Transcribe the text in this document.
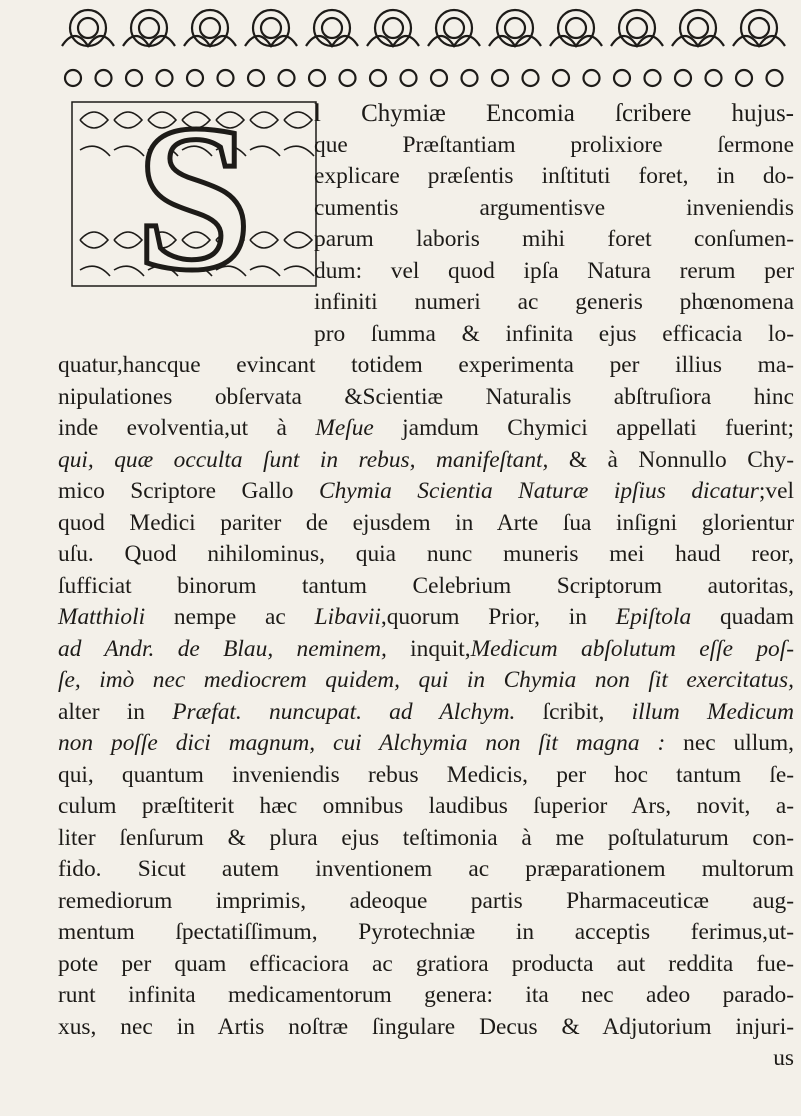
S	l Chymiæ Encomia ſcribere hujus-
que Præſtantiam prolixiore ſermone
explicare præſentis inſtituti foret, in do-
cumentis argumentisve inveniendis
parum laboris mihi foret conſumen-
dum: vel quod ipſa Natura rerum per
infiniti numeri ac generis phœnomena
pro ſumma & infinita ejus efficacia lo-
quatur,hancque evincant totidem experimenta per illius ma-
nipulationes obſervata &Scientiæ Naturalis abſtruſiora hinc
inde evolventia,ut à Meſue jamdum Chymici appellati fuerint;
qui, quæ occulta ſunt in rebus, manifeſtant, & à Nonnullo Chy-
mico Scriptore Gallo Chymia Scientia Naturæ ipſius dicatur;vel
quod Medici pariter de ejusdem in Arte ſua inſigni glorientur
uſu. Quod nihilominus, quia nunc muneris mei haud reor,
ſufficiat binorum tantum Celebrium Scriptorum autoritas,
Matthioli nempe ac Libavii,quorum Prior, in Epiſtola quadam
ad Andr. de Blau, neminem, inquit,Medicum abſolutum eſſe poſ-
ſe, imò nec mediocrem quidem, qui in Chymia non ſit exercitatus,
alter in Præfat. nuncupat. ad Alchym. ſcribit, illum Medicum
non poſſe dici magnum, cui Alchymia non ſit magna : nec ullum,
qui, quantum inveniendis rebus Medicis, per hoc tantum ſe-
culum præſtiterit hæc omnibus laudibus ſuperior Ars, novit, a-
liter ſenſurum & plura ejus teſtimonia à me poſtulaturum con-
fido. Sicut autem inventionem ac præparationem multorum
remediorum imprimis, adeoque partis Pharmaceuticæ aug-
mentum ſpectatiſſimum, Pyrotechniæ in acceptis ferimus,ut-
pote per quam efficaciora ac gratiora producta aut reddita fue-
runt infinita medicamentorum genera: ita nec adeo parado-
xus, nec in Artis noſtræ ſingulare Decus & Adjutorium injuri-
us
